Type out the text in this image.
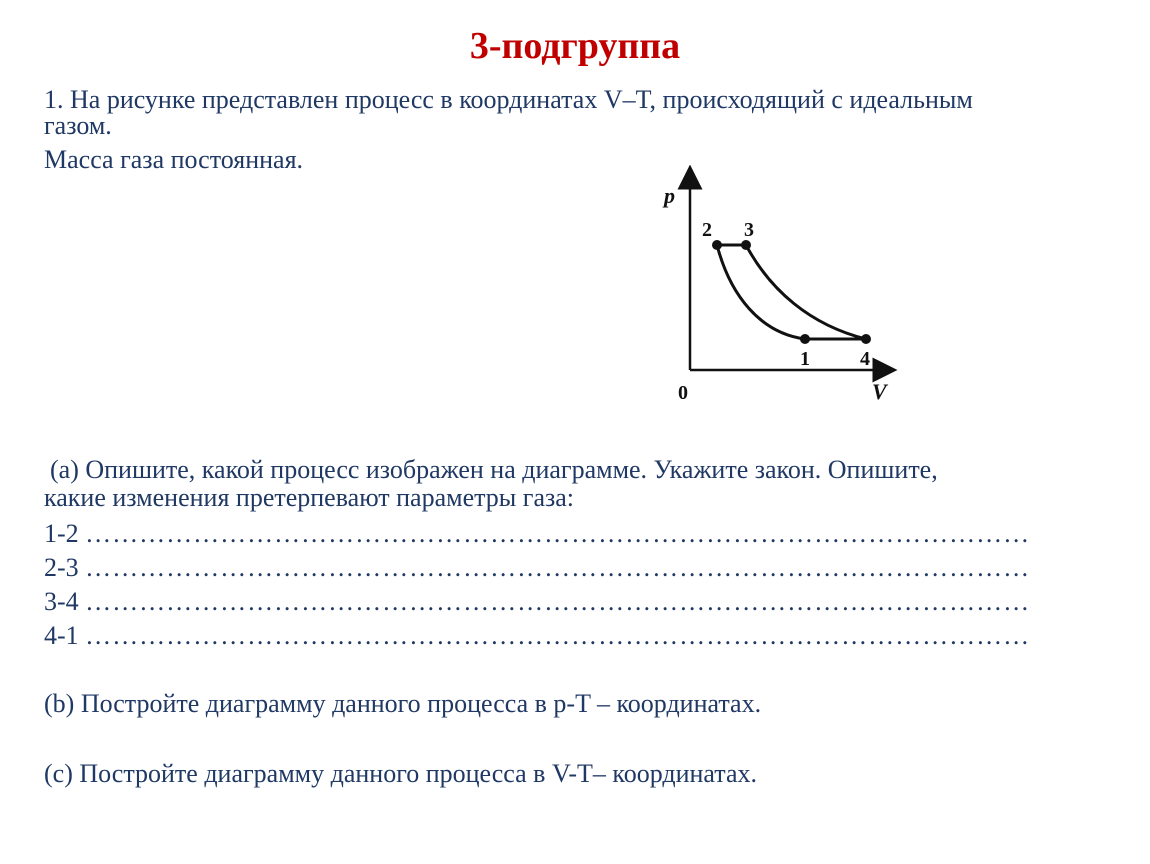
3-подгруппа
1. На рисунке представлен процесс в координатах V–T, происходящий с идеальным
газом.
Масса газа постоянная.
p
V
0
1
2 3
4
(a) Опишите, какой процесс изображен на диаграмме. Укажите закон. Опишите,
какие изменения претерпевают параметры газа:
1-2 ……………………………………………………………………………………………
2-3 ……………………………………………………………………………………………
3-4 ……………………………………………………………………………………………
4-1 ……………………………………………………………………………………………
(b) Постройте диаграмму данного процесса в p-T – координатах.
(c) Постройте диаграмму данного процесса в V-T– координатах.
